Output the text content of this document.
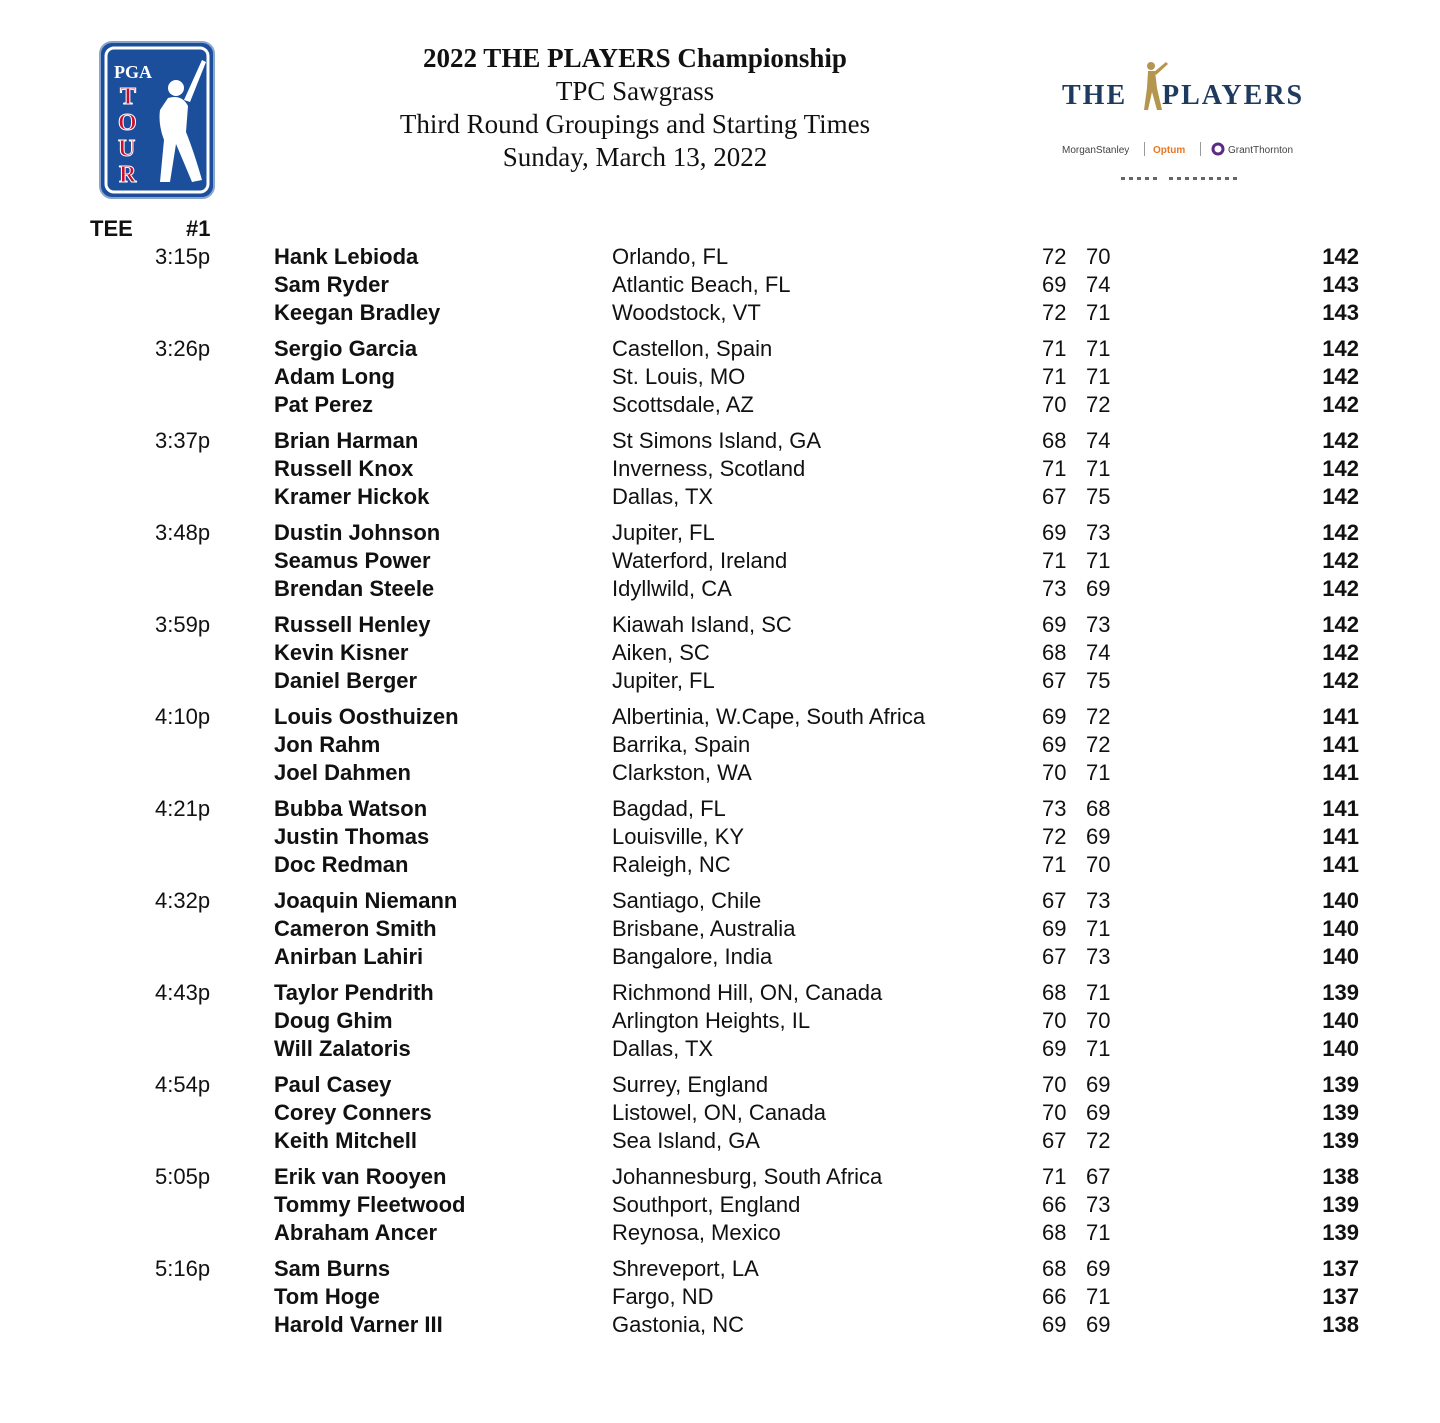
PGA
T
O
U
R
2022 THE PLAYERS Championship
TPC Sawgrass
Third Round Groupings and Starting Times
Sunday, March 13, 2022
THE PLAYERS
MorganStanley Optum	GrantThornton
TEE #1
3:15p	Hank Lebioda	Orlando, FL	72 70	142
Sam Ryder	Atlantic Beach, FL	69 74	143
Keegan Bradley	Woodstock, VT	72 71	143
3:26p	Sergio Garcia	Castellon, Spain	71 71	142
Adam Long	St. Louis, MO	71 71	142
Pat Perez	Scottsdale, AZ	70 72	142
3:37p	Brian Harman	St Simons Island, GA	68 74	142
Russell Knox	Inverness, Scotland	71 71	142
Kramer Hickok	Dallas, TX	67 75	142
3:48p	Dustin Johnson	Jupiter, FL	69 73	142
Seamus Power	Waterford, Ireland	71 71	142
Brendan Steele	Idyllwild, CA	73 69	142
3:59p	Russell Henley	Kiawah Island, SC	69 73	142
Kevin Kisner	Aiken, SC	68 74	142
Daniel Berger	Jupiter, FL	67 75	142
4:10p	Louis Oosthuizen	Albertinia, W.Cape, South Africa	69 72	141
Jon Rahm	Barrika, Spain	69 72	141
Joel Dahmen	Clarkston, WA	70 71	141
4:21p	Bubba Watson	Bagdad, FL	73 68	141
Justin Thomas	Louisville, KY	72 69	141
Doc Redman	Raleigh, NC	71 70	141
4:32p	Joaquin Niemann	Santiago, Chile	67 73	140
Cameron Smith	Brisbane, Australia	69 71	140
Anirban Lahiri	Bangalore, India	67 73	140
4:43p	Taylor Pendrith	Richmond Hill, ON, Canada	68 71	139
Doug Ghim	Arlington Heights, IL	70 70	140
Will Zalatoris	Dallas, TX	69 71	140
4:54p	Paul Casey	Surrey, England	70 69	139
Corey Conners	Listowel, ON, Canada	70 69	139
Keith Mitchell	Sea Island, GA	67 72	139
5:05p	Erik van Rooyen	Johannesburg, South Africa	71 67	138
Tommy Fleetwood	Southport, England	66 73	139
Abraham Ancer	Reynosa, Mexico	68 71	139
5:16p	Sam Burns	Shreveport, LA	68 69	137
Tom Hoge	Fargo, ND	66 71	137
Harold Varner III	Gastonia, NC	69 69	138
